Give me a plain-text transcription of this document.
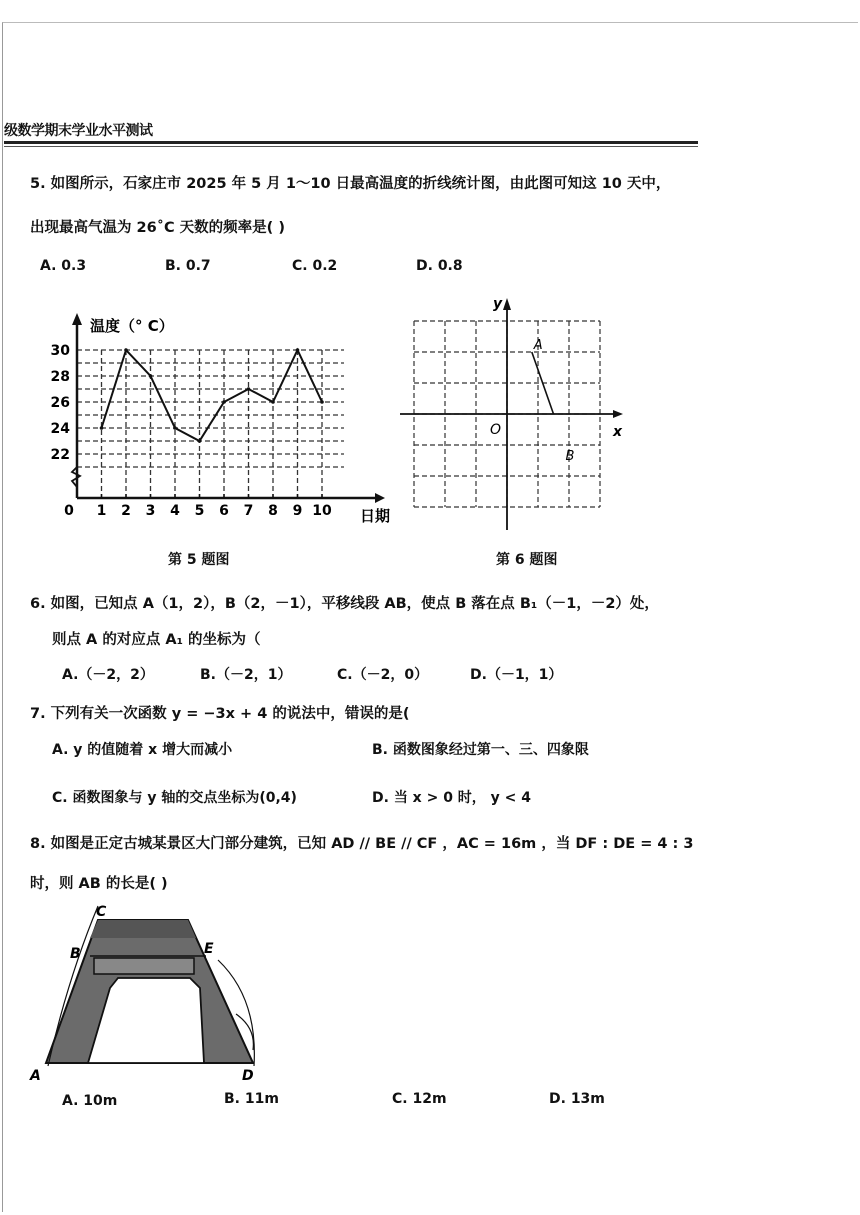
级数学期末学业水平测试
5. 如图所示，石家庄市 2025 年 5 月 1～10 日最高温度的折线统计图，由此图可知这 10 天中，
出现最高气温为 26˚C 天数的频率是( )
A. 0.3	B. 0.7	C. 0.2	D. 0.8
0 1 2 3 4 5 6 7 8 9 10
22
24
26
28
30
温度（° C）
日期
第 5 题图
y
x
O
A
B
第 6 题图
6. 如图，已知点 A（1，2），B（2，－1），平移线段 AB，使点 B 落在点 B₁（－1，－2）处，
则点 A 的对应点 A₁ 的坐标为（
A.（－2，2）	B.（－2，1）	C.（－2，0）	D.（－1，1）
7. 下列有关一次函数 y = −3x + 4 的说法中，错误的是(
A. y 的值随着 x 增大而减小	B. 函数图象经过第一、三、四象限
C. 函数图象与 y 轴的交点坐标为(0,4)	D. 当 x > 0 时， y < 4
8. 如图是正定古城某景区大门部分建筑，已知 AD // BE // CF ，AC = 16m ，当 DF : DE = 4 : 3
时，则 AB 的长是( )
C
B	E
A	D
A. 10m	B. 11m	C. 12m	D. 13m
